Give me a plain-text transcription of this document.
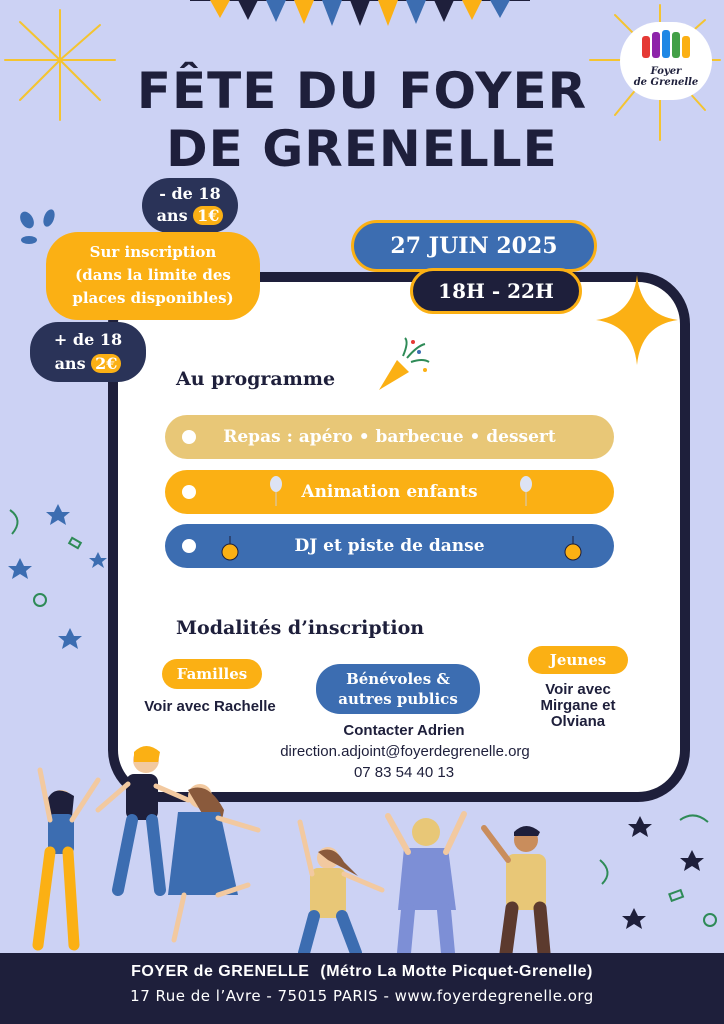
Foyer
de Grenelle
FÊTE DU FOYER
DE GRENELLE
- de 18
ans 1€
Sur inscription
(dans la limite des
places disponibles)
+ de 18
ans 2€
27 JUIN 2025
18H - 22H
Au programme
Repas : apéro • barbecue • dessert
Animation enfants
DJ et piste de danse
Modalités d’inscription
Familles
Voir avec Rachelle
Bénévoles &
autres publics
Contacter Adrien
direction.adjoint@foyerdegrenelle.org
07 83 54 40 13
Jeunes
Voir avec
Mirgane et
Olviana
FOYER de GRENELLE (Métro La Motte Picquet-Grenelle)
17 Rue de l’Avre - 75015 PARIS - www.foyerdegrenelle.org
